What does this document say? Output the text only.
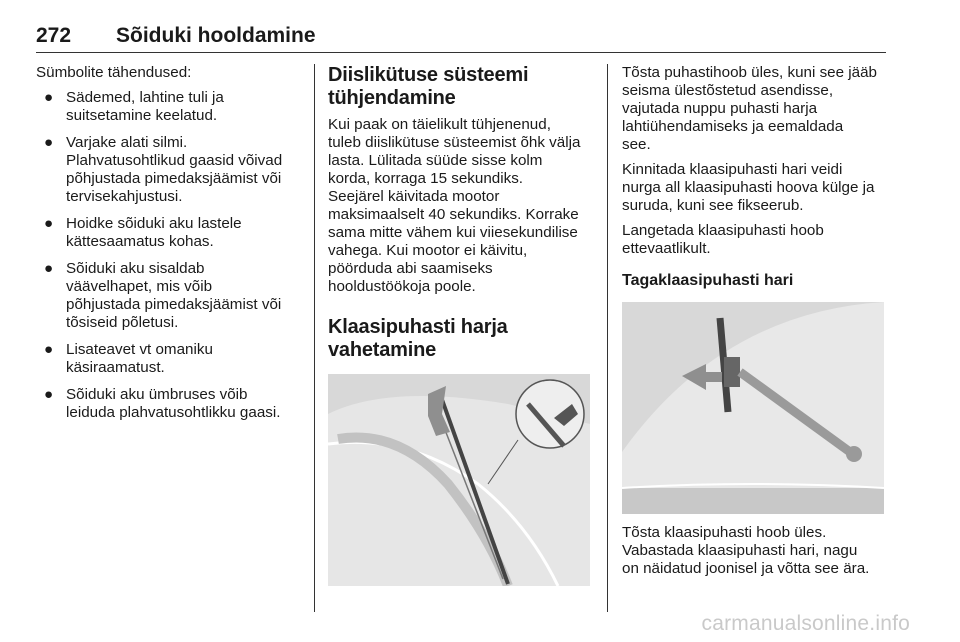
272 Sõiduki hooldamine

Sümbolite tähendused:

● Sädemed, lahtine tuli ja
suitsetamine keelatud.
● Varjake alati silmi.
Plahvatusohtlikud gaasid võivad
põhjustada pimedaksjäämist või
tervisekahjustusi.
● Hoidke sõiduki aku lastele
kättesaamatus kohas.
● Sõiduki aku sisaldab
väävelhapet, mis võib
põhjustada pimedaksjäämist või
tõsiseid põletusi.
● Lisateavet vt omaniku
käsiraamatust.
● Sõiduki aku ümbruses võib
leiduda plahvatusohtlikku gaasi.
Diislikütuse süsteemi
tühjendamine

Kui paak on täielikult tühjenenud,
tuleb diislikütuse süsteemist õhk välja
lasta. Lülitada süüde sisse kolm
korda, korraga 15 sekundiks.
Seejärel käivitada mootor
maksimaalselt 40 sekundiks. Korrake
sama mitte vähem kui viiesekundilise
vahega. Kui mootor ei käivitu,
pöörduda abi saamiseks
hooldustöökoja poole.

Klaasipuhasti harja
vahetamine

Tõsta puhastihoob üles, kuni see jääb
seisma ülestõstetud asendisse,
vajutada nuppu puhasti harja
lahtiühendamiseks ja eemaldada
see.

Kinnitada klaasipuhasti hari veidi
nurga all klaasipuhasti hoova külge ja
suruda, kuni see fikseerub.

Langetada klaasipuhasti hoob
ettevaatlikult.

Tagaklaasipuhasti hari

Tõsta klaasipuhasti hoob üles.
Vabastada klaasipuhasti hari, nagu
on näidatud joonisel ja võtta see ära.

carmanualsonline.info
